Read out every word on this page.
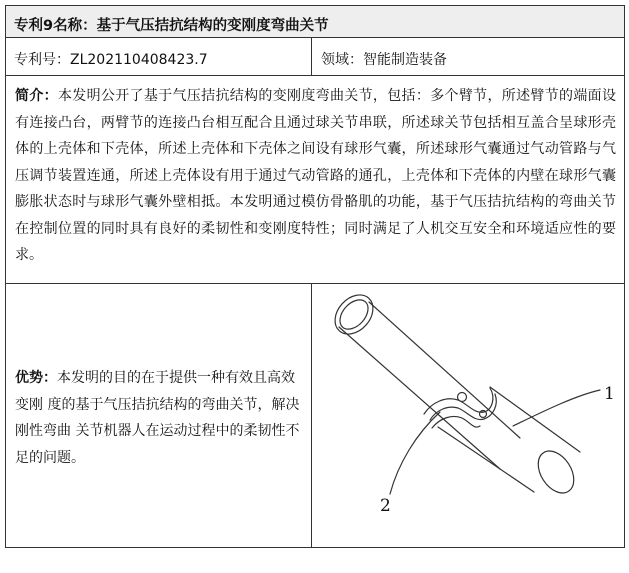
专利9名称：基于气压拮抗结构的变刚度弯曲关节	

专利号：ZL202110408423.7	领域：智能制造装备

简介：本发明公开了基于气压拮抗结构的变刚度弯曲关节，包括：多个臂节，所述臂节的端面设有连接凸台，两臂节的连接凸台相互配合且通过球关节串联，所述球关节包括相互盖合呈球形壳体的上壳体和下壳体，所述上壳体和下壳体之间设有球形气囊，所述球形气囊通过气动管路与气压调节装置连通，所述上壳体设有用于通过气动管路的通孔，上壳体和下壳体的内壁在球形气囊膨胀状态时与球形气囊外壁相抵。本发明通过模仿骨骼肌的功能，基于气压拮抗结构的弯曲关节在控制位置的同时具有良好的柔韧性和变刚度特性；同时满足了人机交互安全和环境适应性的要求。	

优势：本发明的目的在于提供一种有效且高效变刚 度的基于气压拮抗结构的弯曲关节，解决刚性弯曲 关节机器人在运动过程中的柔韧性不足的问题。	1
2
